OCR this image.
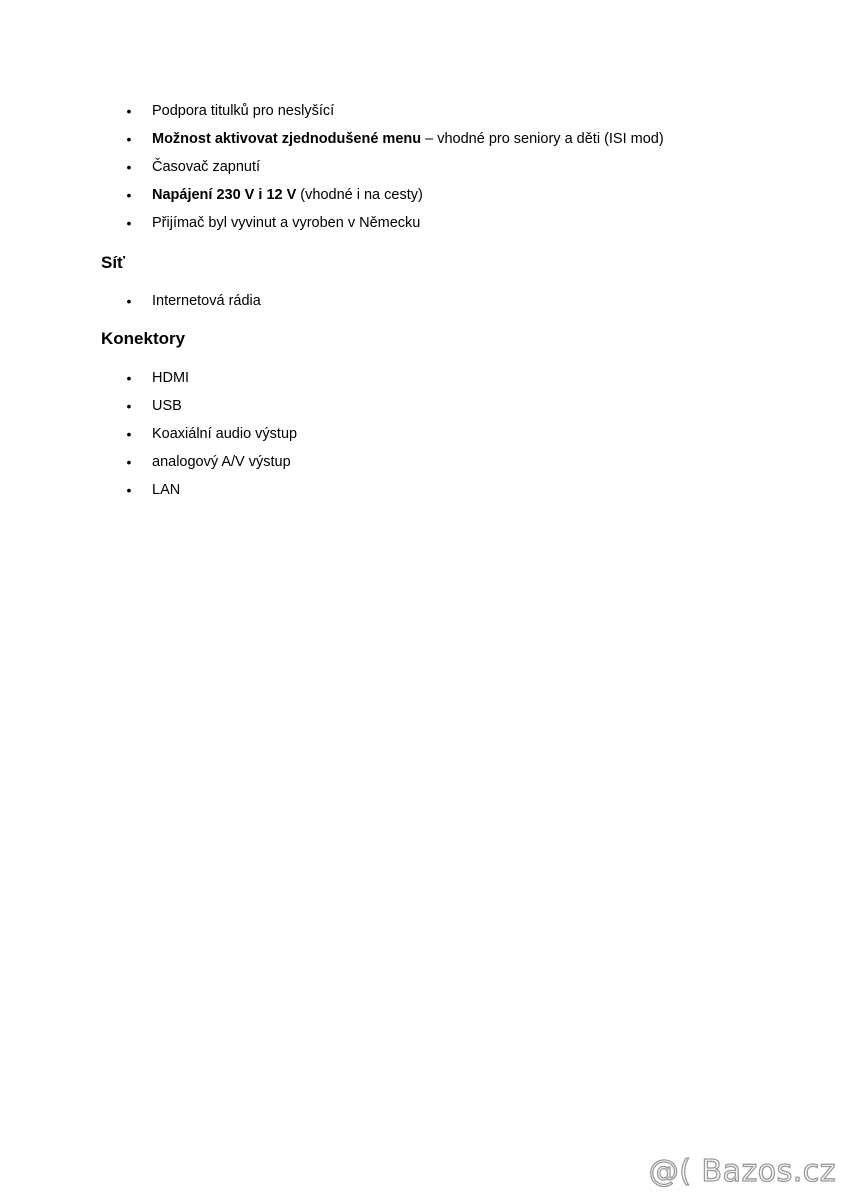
• Podpora titulků pro neslyšící
• Možnost aktivovat zjednodušené menu – vhodné pro seniory a děti (ISI mod)
• Časovač zapnutí
• Napájení 230 V i 12 V (vhodné i na cesty)
• Přijímač byl vyvinut a vyroben v Německu
Síť
• Internetová rádia
Konektory
• HDMI
• USB
• Koaxiální audio výstup
• analogový A/V výstup
• LAN
@( Bazos.cz
